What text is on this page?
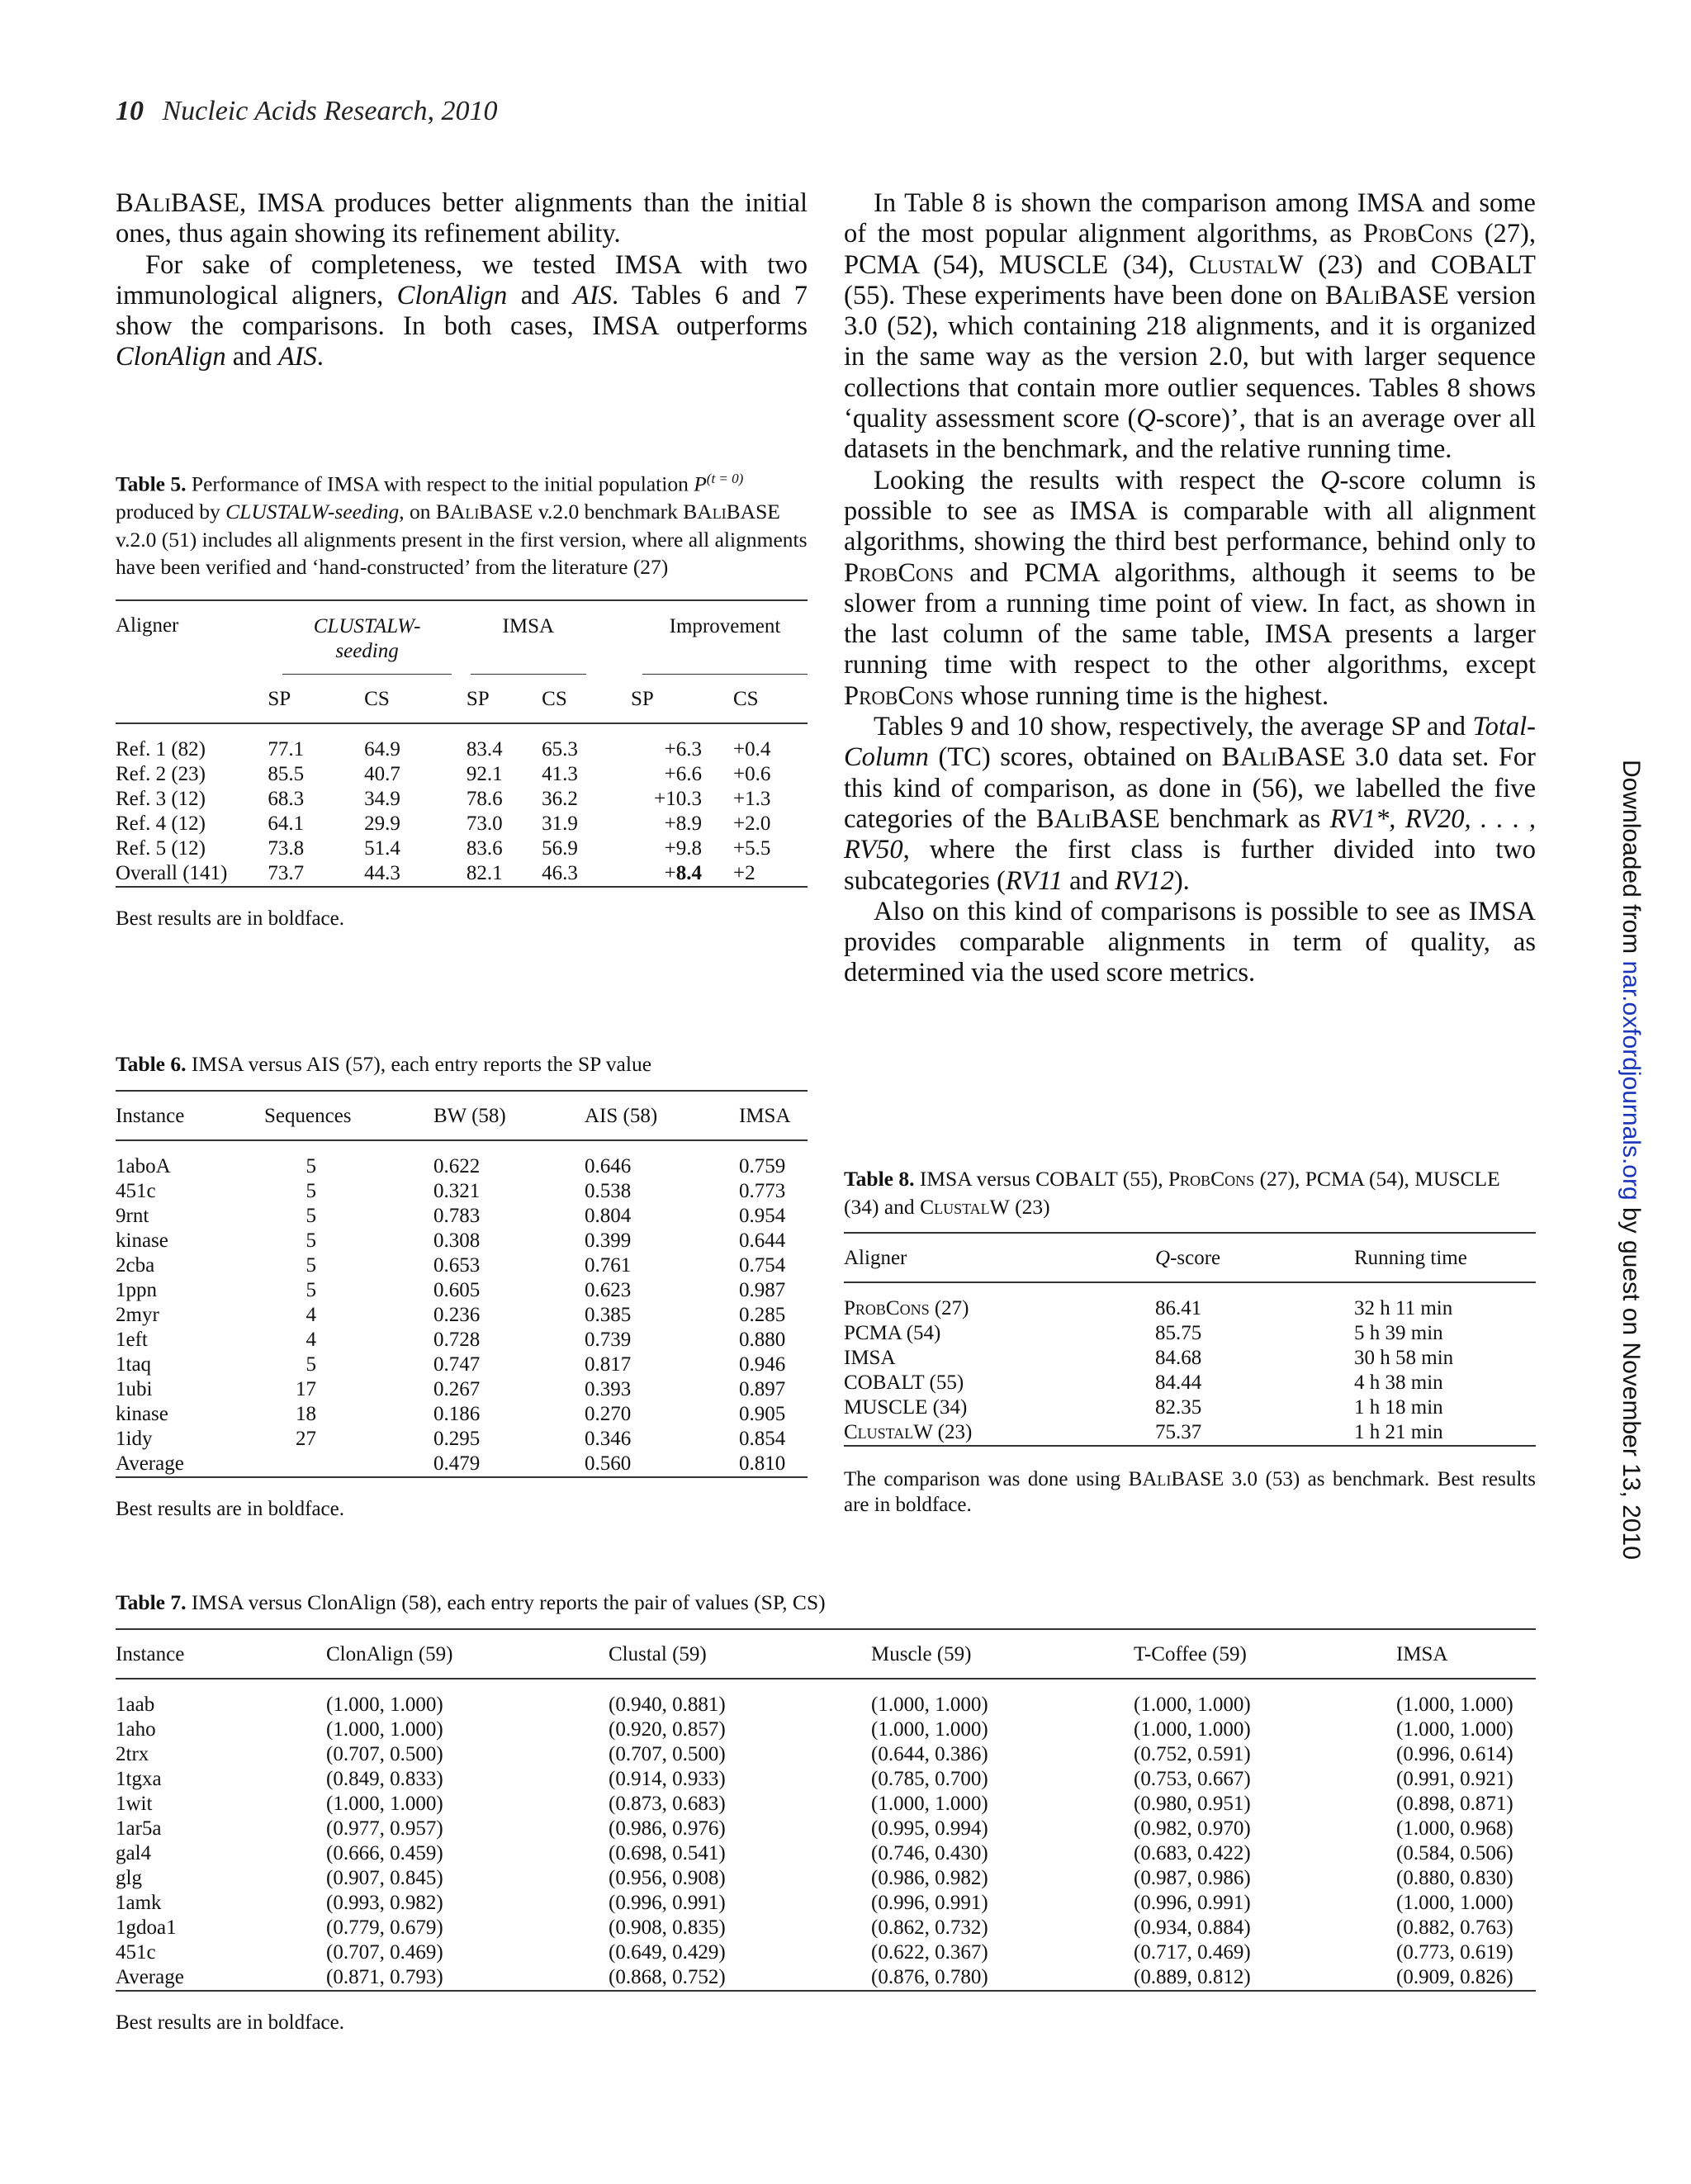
10 Nucleic Acids Research, 2010

BAliBASE, IMSA produces better alignments than the initial ones, thus again showing its refinement ability.

For sake of completeness, we tested IMSA with two immunological aligners, ClonAlign and AIS. Tables 6 and 7 show the comparisons. In both cases, IMSA outperforms ClonAlign and AIS.

Table 5. Performance of IMSA with respect to the initial population $P^{(t = 0)}$ produced by CLUSTALW-seeding, on BAliBASE v.2.0 benchmark BAliBASE v.2.0 (51) includes all alignments present in the first version, where all alignments have been verified and ‘hand-constructed’ from the literature (27)

Aligner	CLUSTALW-seeding		IMSA		Improvement	

	SP	CS	SP	CS	SP	CS
Ref. 1 (82)	77.1	64.9	83.4	65.3	+6.3	+0.4
Ref. 2 (23)	85.5	40.7	92.1	41.3	+6.6	+0.6
Ref. 3 (12)	68.3	34.9	78.6	36.2	+10.3	+1.3
Ref. 4 (12)	64.1	29.9	73.0	31.9	+8.9	+2.0
Ref. 5 (12)	73.8	51.4	83.6	56.9	+9.8	+5.5
Overall (141)	73.7	44.3	82.1	46.3	+8.4	+2

Best results are in boldface.

Table 6. IMSA versus AIS (57), each entry reports the SP value

Instance	Sequences	BW (58)	AIS (58)	IMSA
1aboA	5	0.622	0.646	0.759
451c	5	0.321	0.538	0.773
9rnt	5	0.783	0.804	0.954
kinase	5	0.308	0.399	0.644
2cba	5	0.653	0.761	0.754
1ppn	5	0.605	0.623	0.987
2myr	4	0.236	0.385	0.285
1eft	4	0.728	0.739	0.880
1taq	5	0.747	0.817	0.946
1ubi	17	0.267	0.393	0.897
kinase	18	0.186	0.270	0.905
1idy	27	0.295	0.346	0.854
Average		0.479	0.560	0.810

Best results are in boldface.

In Table 8 is shown the comparison among IMSA and some of the most popular alignment algorithms, as ProbCons (27), PCMA (54), MUSCLE (34), ClustalW (23) and COBALT (55). These experiments have been done on BAliBASE version 3.0 (52), which containing 218 alignments, and it is organized in the same way as the version 2.0, but with larger sequence collections that contain more outlier sequences. Tables 8 shows ‘quality assessment score (Q-score)’, that is an average over all datasets in the benchmark, and the relative running time.

Looking the results with respect the Q-score column is possible to see as IMSA is comparable with all alignment algorithms, showing the third best performance, behind only to ProbCons and PCMA algorithms, although it seems to be slower from a running time point of view. In fact, as shown in the last column of the same table, IMSA presents a larger running time with respect to the other algorithms, except ProbCons whose running time is the highest.

Tables 9 and 10 show, respectively, the average SP and Total-Column (TC) scores, obtained on BAliBASE 3.0 data set. For this kind of comparison, as done in (56), we labelled the five categories of the BAliBASE benchmark as RV1*, RV20, . . . , RV50, where the first class is further divided into two subcategories (RV11 and RV12).

Also on this kind of comparisons is possible to see as IMSA provides comparable alignments in term of quality, as determined via the used score metrics.

Table 8. IMSA versus COBALT (55), ProbCons (27), PCMA (54), MUSCLE (34) and ClustalW (23)

Aligner	Q-score	Running time
ProbCons (27)	86.41	32 h 11 min
PCMA (54)	85.75	5 h 39 min
IMSA	84.68	30 h 58 min
COBALT (55)	84.44	4 h 38 min
MUSCLE (34)	82.35	1 h 18 min
ClustalW (23)	75.37	1 h 21 min

The comparison was done using BAliBASE 3.0 (53) as benchmark. Best results are in boldface.

Table 7. IMSA versus ClonAlign (58), each entry reports the pair of values (SP, CS)

Instance	ClonAlign (59)	Clustal (59)	Muscle (59)	T-Coffee (59)	IMSA
1aab	(1.000, 1.000)	(0.940, 0.881)	(1.000, 1.000)	(1.000, 1.000)	(1.000, 1.000)
1aho	(1.000, 1.000)	(0.920, 0.857)	(1.000, 1.000)	(1.000, 1.000)	(1.000, 1.000)
2trx	(0.707, 0.500)	(0.707, 0.500)	(0.644, 0.386)	(0.752, 0.591)	(0.996, 0.614)
1tgxa	(0.849, 0.833)	(0.914, 0.933)	(0.785, 0.700)	(0.753, 0.667)	(0.991, 0.921)
1wit	(1.000, 1.000)	(0.873, 0.683)	(1.000, 1.000)	(0.980, 0.951)	(0.898, 0.871)
1ar5a	(0.977, 0.957)	(0.986, 0.976)	(0.995, 0.994)	(0.982, 0.970)	(1.000, 0.968)
gal4	(0.666, 0.459)	(0.698, 0.541)	(0.746, 0.430)	(0.683, 0.422)	(0.584, 0.506)
glg	(0.907, 0.845)	(0.956, 0.908)	(0.986, 0.982)	(0.987, 0.986)	(0.880, 0.830)
1amk	(0.993, 0.982)	(0.996, 0.991)	(0.996, 0.991)	(0.996, 0.991)	(1.000, 1.000)
1gdoa1	(0.779, 0.679)	(0.908, 0.835)	(0.862, 0.732)	(0.934, 0.884)	(0.882, 0.763)
451c	(0.707, 0.469)	(0.649, 0.429)	(0.622, 0.367)	(0.717, 0.469)	(0.773, 0.619)
Average	(0.871, 0.793)	(0.868, 0.752)	(0.876, 0.780)	(0.889, 0.812)	(0.909, 0.826)

Best results are in boldface.
Downloaded from nar.oxfordjournals.org by guest on November 13, 2010
